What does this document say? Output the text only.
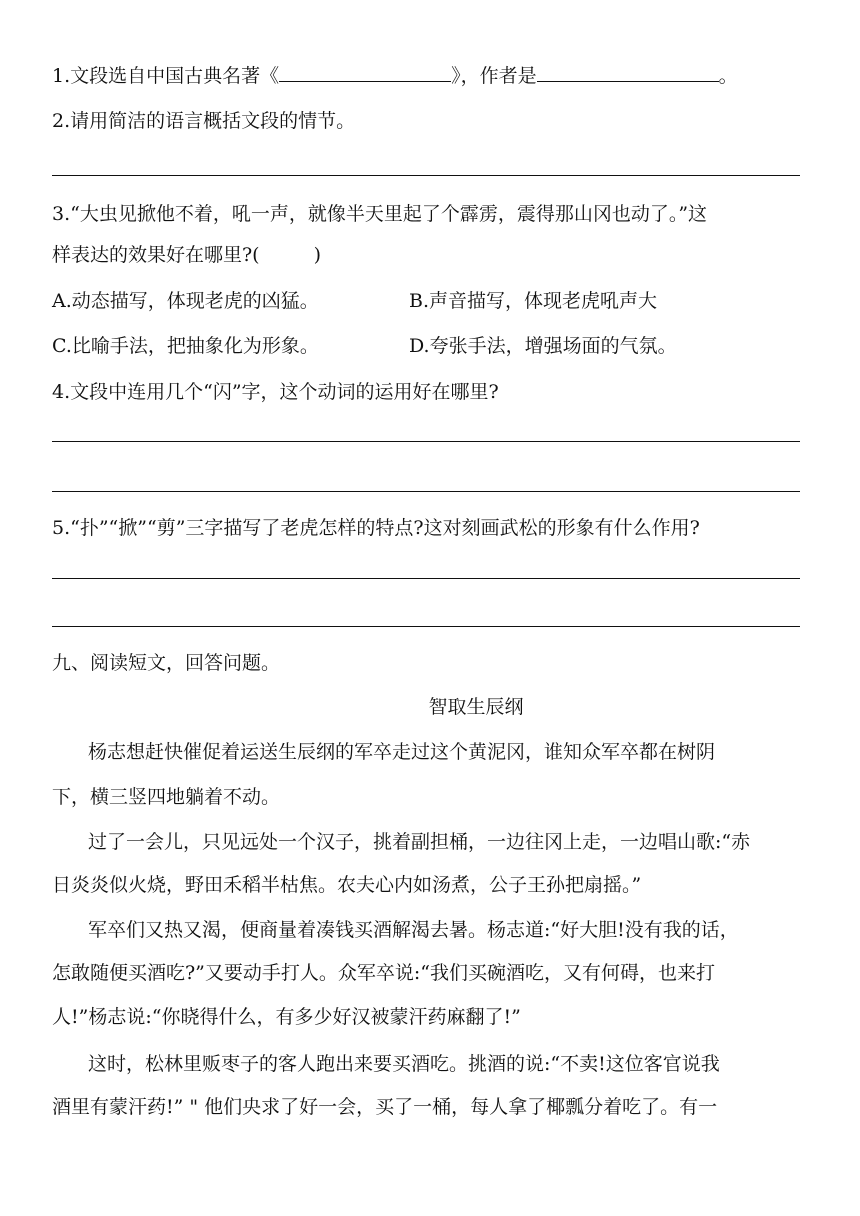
1.文段选自中国古典名著《	》，作者是	。
2.请用简洁的语言概括文段的情节。
3.“大虫见掀他不着，吼一声，就像半天里起了个霹雳，震得那山冈也动了。”这
样表达的效果好在哪里?(	)
A.动态描写，体现老虎的凶猛。	B.声音描写，体现老虎吼声大
C.比喻手法，把抽象化为形象。	D.夸张手法，增强场面的气氛。
4.文段中连用几个“闪”字，这个动词的运用好在哪里?
5.“扑”“掀”“剪”三字描写了老虎怎样的特点?这对刻画武松的形象有什么作用?
九、阅读短文，回答问题。
智取生辰纲
杨志想赶快催促着运送生辰纲的军卒走过这个黄泥冈，谁知众军卒都在树阴
下，横三竖四地躺着不动。
过了一会儿，只见远处一个汉子，挑着副担桶，一边往冈上走，一边唱山歌:“赤
日炎炎似火烧，野田禾稻半枯焦。农夫心内如汤煮，公子王孙把扇摇。”
军卒们又热又渴，便商量着凑钱买酒解渴去暑。杨志道:“好大胆!没有我的话，
怎敢随便买酒吃?”又要动手打人。众军卒说:“我们买碗酒吃，又有何碍，也来打
人!”杨志说:“你晓得什么，有多少好汉被蒙汗药麻翻了!”
这时，松林里贩枣子的客人跑出来要买酒吃。挑酒的说:“不卖!这位客官说我
酒里有蒙汗药!” " 他们央求了好一会，买了一桶，每人拿了椰瓢分着吃了。有一
